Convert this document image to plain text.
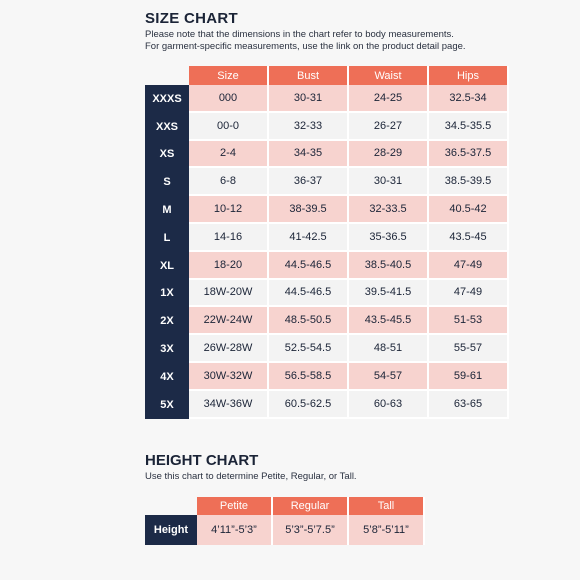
SIZE CHART
Please note that the dimensions in the chart refer to body measurements.
For garment-specific measurements, use the link on the product detail page.
	Size	Bust	Waist	Hips
XXXS	000	30-31	24-25	32.5-34
XXS	00-0	32-33	26-27	34.5-35.5
XS	2-4	34-35	28-29	36.5-37.5
S	6-8	36-37	30-31	38.5-39.5
M	10-12	38-39.5	32-33.5	40.5-42
L	14-16	41-42.5	35-36.5	43.5-45
XL	18-20	44.5-46.5	38.5-40.5	47-49
1X	18W-20W	44.5-46.5	39.5-41.5	47-49
2X	22W-24W	48.5-50.5	43.5-45.5	51-53
3X	26W-28W	52.5-54.5	48-51	55-57
4X	30W-32W	56.5-58.5	54-57	59-61
5X	34W-36W	60.5-62.5	60-63	63-65
HEIGHT CHART
Use this chart to determine Petite, Regular, or Tall.
	Petite	Regular	Tall
Height	4’11”-5’3”	5’3”-5’7.5”	5’8”-5’11”
